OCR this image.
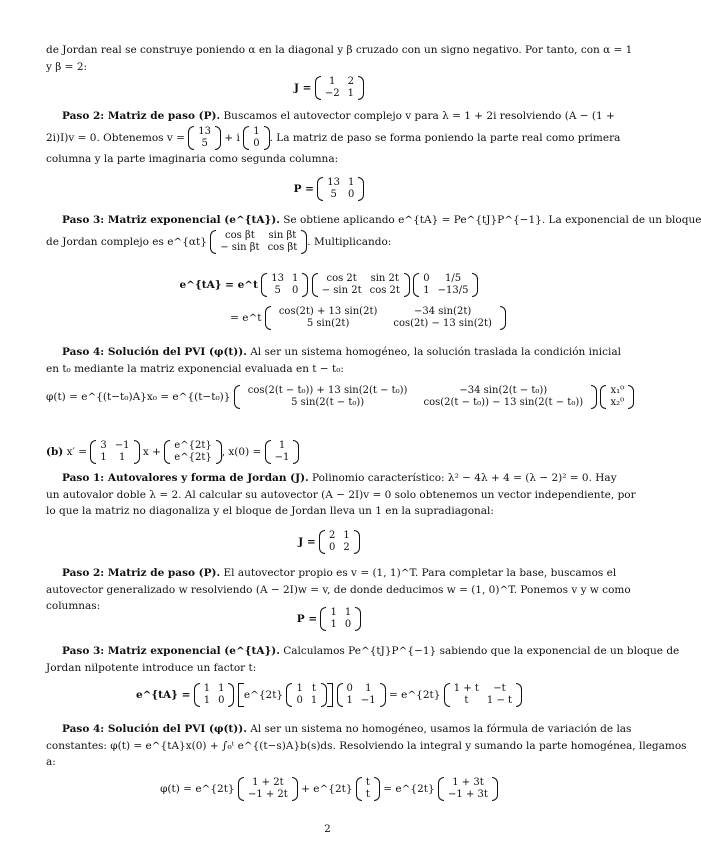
de Jordan real se construye poniendo α en la diagonal y β cruzado con un signo negativo. Por tanto, con α = 1
y β = 2:
J =
1	2
−2	1
Paso 2: Matriz de paso (P). Buscamos el autovector complejo v para λ = 1 + 2i resolviendo (A − (1 +
2i)I)v = 0. Obtenemos v =
13
5 + i
1
0 . La matriz de paso se forma poniendo la parte real como primera
columna y la parte imaginaria como segunda columna:
P =
13	1
5	0
Paso 3: Matriz exponencial (e^{tA}). Se obtiene aplicando e^{tA} = Pe^{tJ}P^{−1}. La exponencial de un bloque
de Jordan complejo es e^{αt}
cos βt	sin βt
− sin βt	cos βt . Multiplicando:
e^{tA} = e^t
13	1
5	0

cos 2t	sin 2t
− sin 2t	cos 2t

0	1/5
1	−13/5
= e^t
cos(2t) + 13 sin(2t)	−34 sin(2t)
5 sin(2t)	cos(2t) − 13 sin(2t)
Paso 4: Solución del PVI (φ(t)). Al ser un sistema homogéneo, la solución traslada la condición inicial
en t₀ mediante la matriz exponencial evaluada en t − t₀:
φ(t) = e^{(t−t₀)A}x₀ = e^{(t−t₀)}
cos(2(t − t₀)) + 13 sin(2(t − t₀))	−34 sin(2(t − t₀))
5 sin(2(t − t₀))	cos(2(t − t₀)) − 13 sin(2(t − t₀))

x₁⁰
x₂⁰
(b) x′ =
3	−1
1	1 x +
e^{2t}
e^{2t} , x(0) =
1
−1
Paso 1: Autovalores y forma de Jordan (J). Polinomio característico: λ² − 4λ + 4 = (λ − 2)² = 0. Hay
un autovalor doble λ = 2. Al calcular su autovector (A − 2I)v = 0 solo obtenemos un vector independiente, por
lo que la matriz no diagonaliza y el bloque de Jordan lleva un 1 en la supradiagonal:
J =
2	1
0	2
Paso 2: Matriz de paso (P). El autovector propio es v = (1, 1)^T. Para completar la base, buscamos el
autovector generalizado w resolviendo (A − 2I)w = v, de donde deducimos w = (1, 0)^T. Ponemos v y w como
columnas:
P =
1	1
1	0
Paso 3: Matriz exponencial (e^{tA}). Calculamos Pe^{tJ}P^{−1} sabiendo que la exponencial de un bloque de
Jordan nilpotente introduce un factor t:
e^{tA} =
1	1
1	0 e^{2t}
1	t
0	1

0	1
1	−1 = e^{2t}
1 + t	−t
t	1 − t
Paso 4: Solución del PVI (φ(t)). Al ser un sistema no homogéneo, usamos la fórmula de variación de las
constantes: φ(t) = e^{tA}x(0) + ∫₀ᵗ e^{(t−s)A}b(s)ds. Resolviendo la integral y sumando la parte homogénea, llegamos
a:
φ(t) = e^{2t}
1 + 2t
−1 + 2t + e^{2t}
t
t = e^{2t}
1 + 3t
−1 + 3t
2
